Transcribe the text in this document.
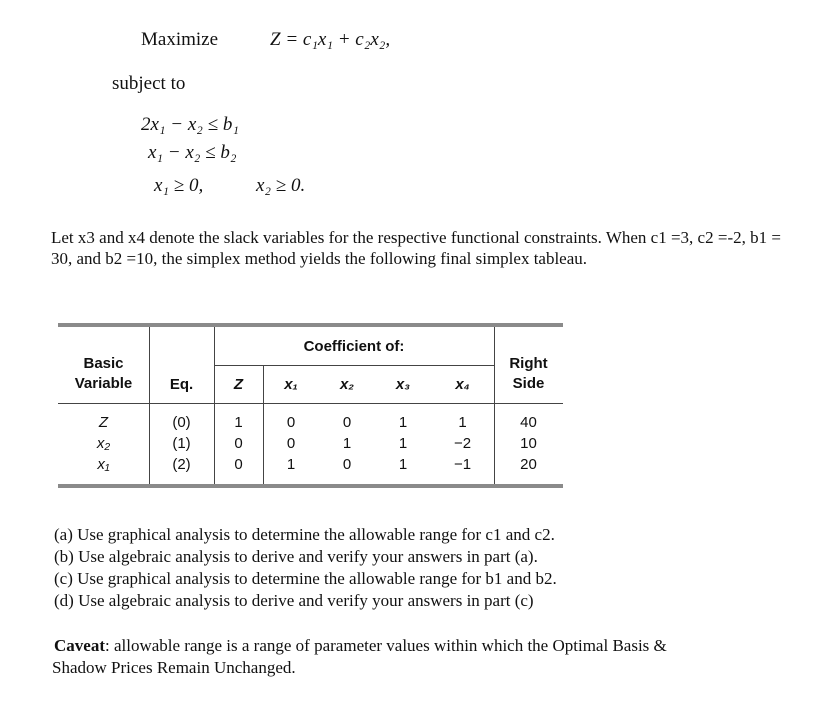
Maximize	Z = c₁x₁ + c₂x₂,
subject to
2x₁ − x₂ ≤ b₁
x₁ − x₂ ≤ b₂
x₁ ≥ 0,	x₂ ≥ 0.
Let x3 and x4 denote the slack variables for the respective functional constraints. When c1 =3, c2 =-2, b1 = 30, and b2 =10, the simplex method yields the following final simplex tableau.
Basic
Variable	Eq.
Coefficient of:
Z	x₁	x₂	x₃	x₄
Right
Side
Z	(0)	1	0	0	1	1	40
x₂	(1)	0	0	1	1	−2	10
x₁	(2)	0	1	0	1	−1	20
(a) Use graphical analysis to determine the allowable range for c1 and c2.
(b) Use algebraic analysis to derive and verify your answers in part (a).
(c) Use graphical analysis to determine the allowable range for b1 and b2.
(d) Use algebraic analysis to derive and verify your answers in part (c)
Caveat: allowable range is a range of parameter values within which the Optimal Basis &
Shadow Prices Remain Unchanged.
